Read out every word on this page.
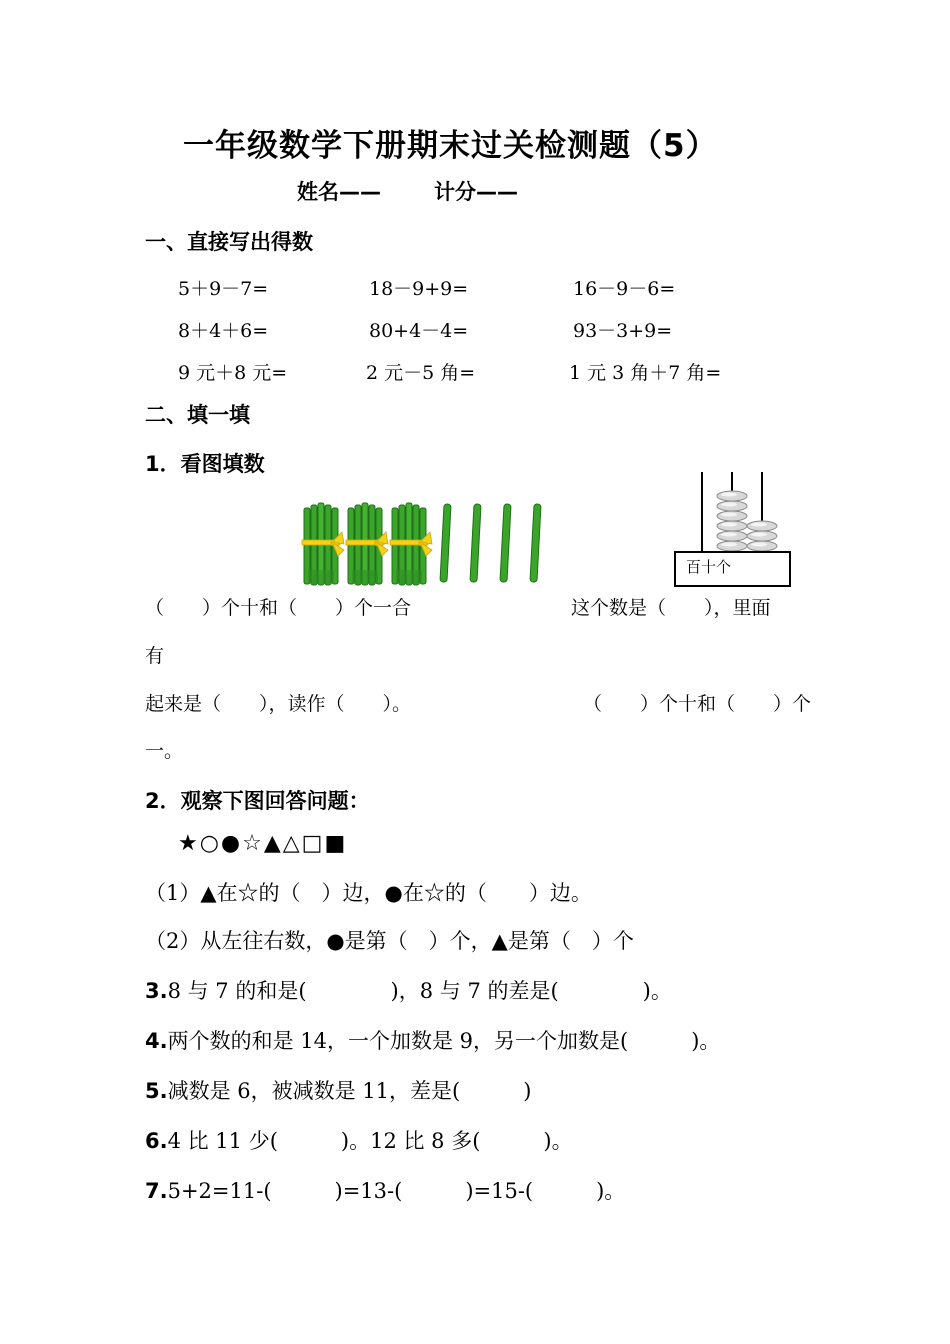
一年级数学下册期末过关检测题（5）
姓名——	计分——
一、直接写出得数
5＋9－7=	18－9+9=	16－9－6=
8＋4＋6=	80+4－4=	93－3+9=
9 元＋8 元=	2 元－5 角=	1 元 3 角＋7 角=
二、填一填
1．看图填数
百十个
（　　）个十和（　　）个一合	这个数是（　　），里面
有
起来是（　　），读作（　　）。	（　　）个十和（　　）个
一。
2．观察下图回答问题：
★○●☆▲△□■
（1）▲在☆的（　）边，●在☆的（　　）边。
（2）从左往右数，●是第（　）个，▲是第（　）个
3.8 与 7 的和是(　　　　)，8 与 7 的差是(　　　　)。
4.两个数的和是 14，一个加数是 9，另一个加数是(　　　)。
5.减数是 6，被减数是 11，差是(　　　)
6.4 比 11 少(　　　)。12 比 8 多(　　　)。
7.5+2=11-(　　　)=13-(　　　)=15-(　　　)。
